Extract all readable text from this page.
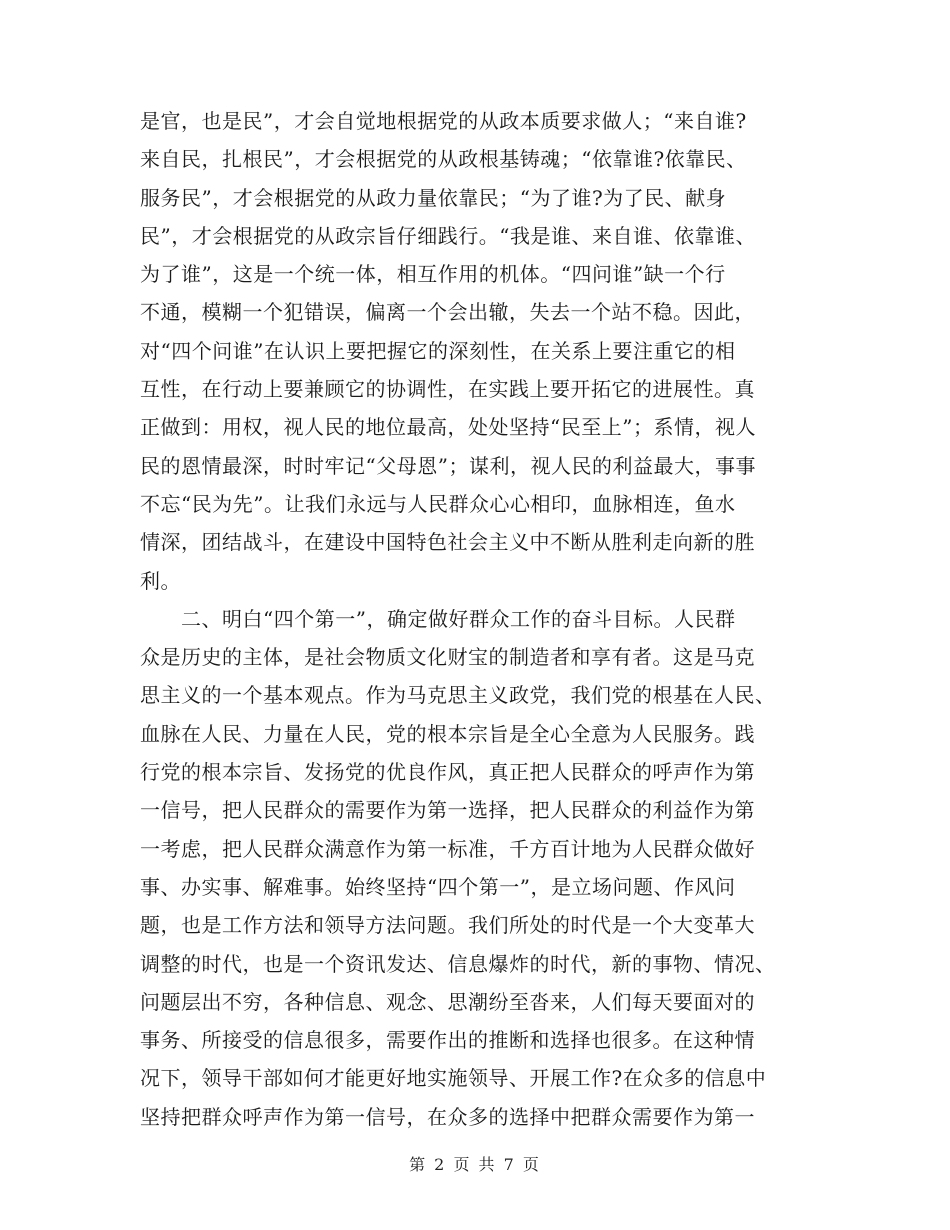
是官，也是民”，才会自觉地根据党的从政本质要求做人；“来自谁?
来自民，扎根民”，才会根据党的从政根基铸魂；“依靠谁?依靠民、
服务民”，才会根据党的从政力量依靠民；“为了谁?为了民、献身
民”，才会根据党的从政宗旨仔细践行。“我是谁、来自谁、依靠谁、
为了谁”，这是一个统一体，相互作用的机体。“四问谁”缺一个行
不通，模糊一个犯错误，偏离一个会出辙，失去一个站不稳。因此，
对“四个问谁”在认识上要把握它的深刻性，在关系上要注重它的相
互性，在行动上要兼顾它的协调性，在实践上要开拓它的进展性。真
正做到：用权，视人民的地位最高，处处坚持“民至上”；系情，视人
民的恩情最深，时时牢记“父母恩”；谋利，视人民的利益最大，事事
不忘“民为先”。让我们永远与人民群众心心相印，血脉相连，鱼水
情深，团结战斗，在建设中国特色社会主义中不断从胜利走向新的胜
利。
　　二、明白“四个第一”，确定做好群众工作的奋斗目标。人民群
众是历史的主体，是社会物质文化财宝的制造者和享有者。这是马克
思主义的一个基本观点。作为马克思主义政党，我们党的根基在人民、
血脉在人民、力量在人民，党的根本宗旨是全心全意为人民服务。践
行党的根本宗旨、发扬党的优良作风，真正把人民群众的呼声作为第
一信号，把人民群众的需要作为第一选择，把人民群众的利益作为第
一考虑，把人民群众满意作为第一标准，千方百计地为人民群众做好
事、办实事、解难事。始终坚持“四个第一”，是立场问题、作风问
题，也是工作方法和领导方法问题。我们所处的时代是一个大变革大
调整的时代，也是一个资讯发达、信息爆炸的时代，新的事物、情况、
问题层出不穷，各种信息、观念、思潮纷至沓来，人们每天要面对的
事务、所接受的信息很多，需要作出的推断和选择也很多。在这种情
况下，领导干部如何才能更好地实施领导、开展工作?在众多的信息中
坚持把群众呼声作为第一信号，在众多的选择中把群众需要作为第一
第 2 页 共 7 页
